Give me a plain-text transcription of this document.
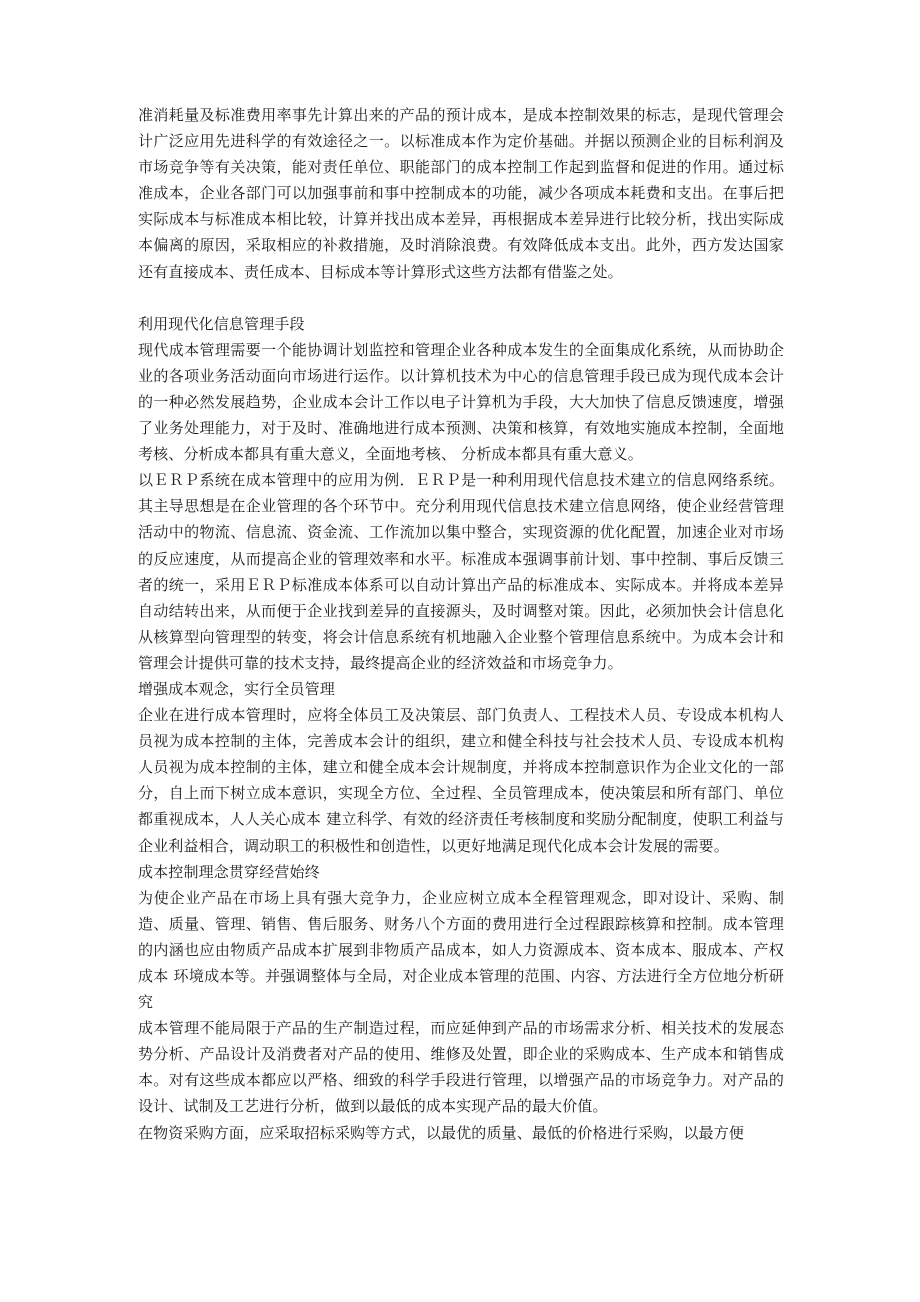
准消耗量及标准费用率事先计算出来的产品的预计成本，是成本控制效果的标志，是现代管理会计广泛应用先进科学的有效途径之一。以标准成本作为定价基础。并据以预测企业的目标利润及市场竞争等有关决策，能对责任单位、职能部门的成本控制工作起到监督和促进的作用。通过标准成本，企业各部门可以加强事前和事中控制成本的功能，减少各项成本耗费和支出。在事后把实际成本与标准成本相比较，计算并找出成本差异，再根据成本差异进行比较分析，找出实际成本偏离的原因，采取相应的补救措施，及时消除浪费。有效降低成本支出。此外，西方发达国家还有直接成本、责任成本、目标成本等计算形式这些方法都有借鉴之处。

利用现代化信息管理手段

现代成本管理需要一个能协调计划监控和管理企业各种成本发生的全面集成化系统，从而协助企业的各项业务活动面向市场进行运作。以计算机技术为中心的信息管理手段已成为现代成本会计的一种必然发展趋势，企业成本会计工作以电子计算机为手段，大大加快了信息反馈速度，增强了业务处理能力，对于及时、准确地进行成本预测、决策和核算，有效地实施成本控制，全面地考核、分析成本都具有重大意义，全面地考核、 分析成本都具有重大意义。

以ＥＲＰ系统在成本管理中的应用为例．ＥＲＰ是一种利用现代信息技术建立的信息网络系统。其主导思想是在企业管理的各个环节中。充分利用现代信息技术建立信息网络，使企业经营管理活动中的物流、信息流、资金流、工作流加以集中整合，实现资源的优化配置，加速企业对市场的反应速度，从而提高企业的管理效率和水平。标准成本强调事前计划、事中控制、事后反馈三者的统一，采用ＥＲＰ标准成本体系可以自动计算出产品的标准成本、实际成本。并将成本差异自动结转出来，从而便于企业找到差异的直接源头，及时调整对策。因此，必须加快会计信息化从核算型向管理型的转变，将会计信息系统有机地融入企业整个管理信息系统中。为成本会计和管理会计提供可靠的技术支持，最终提高企业的经济效益和市场竞争力。

增强成本观念，实行全员管理

企业在进行成本管理时，应将全体员工及决策层、部门负责人、工程技术人员、专设成本机构人员视为成本控制的主体，完善成本会计的组织，建立和健全科技与社会技术人员、专设成本机构人员视为成本控制的主体，建立和健全成本会计规制度，并将成本控制意识作为企业文化的一部分，自上而下树立成本意识，实现全方位、全过程、全员管理成本，使决策层和所有部门、单位都重视成本，人人关心成本 建立科学、有效的经济责任考核制度和奖励分配制度，使职工利益与企业利益相合，调动职工的积极性和创造性，以更好地满足现代化成本会计发展的需要。

成本控制理念贯穿经营始终

为使企业产品在市场上具有强大竞争力，企业应树立成本全程管理观念，即对设计、采购、制造、质量、管理、销售、售后服务、财务八个方面的费用进行全过程跟踪核算和控制。成本管理的内涵也应由物质产品成本扩展到非物质产品成本，如人力资源成本、资本成本、服成本、产权成本 环境成本等。并强调整体与全局，对企业成本管理的范围、内容、方法进行全方位地分析研究

成本管理不能局限于产品的生产制造过程，而应延伸到产品的市场需求分析、相关技术的发展态势分析、产品设计及消费者对产品的使用、维修及处置，即企业的采购成本、生产成本和销售成本。对有这些成本都应以严格、细致的科学手段进行管理，以增强产品的市场竞争力。对产品的设计、试制及工艺进行分析，做到以最低的成本实现产品的最大价值。

在物资采购方面，应采取招标采购等方式，以最优的质量、最低的价格进行采购，以最方便
